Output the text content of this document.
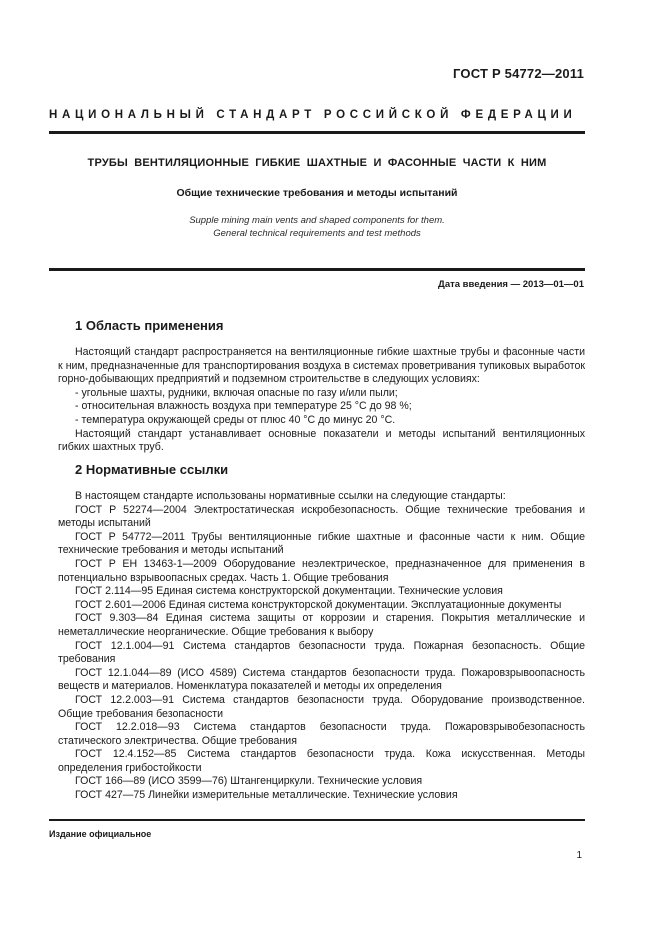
ГОСТ Р 54772—2011
НАЦИОНАЛЬНЫЙ СТАНДАРТ РОССИЙСКОЙ ФЕДЕРАЦИИ
ТРУБЫ ВЕНТИЛЯЦИОННЫЕ ГИБКИЕ ШАХТНЫЕ И ФАСОННЫЕ ЧАСТИ К НИМ
Общие технические требования и методы испытаний
Supple mining main vents and shaped components for them.
General technical requirements and test methods
Дата введения — 2013—01—01
1 Область применения

Настоящий стандарт распространяется на вентиляционные гибкие шахтные трубы и фасонные части к ним, предназначенные для транспортирования воздуха в системах проветривания тупиковых выработок горно-добывающих предприятий и подземном строительстве в следующих условиях:

- угольные шахты, рудники, включая опасные по газу и/или пыли;

- относительная влажность воздуха при температуре 25 °С до 98 %;

- температура окружающей среды от плюс 40 °С до минус 20 °С.

Настоящий стандарт устанавливает основные показатели и методы испытаний вентиляционных гибких шахтных труб.

2 Нормативные ссылки

В настоящем стандарте использованы нормативные ссылки на следующие стандарты:

ГОСТ Р 52274—2004 Электростатическая искробезопасность. Общие технические требования и методы испытаний

ГОСТ Р 54772—2011 Трубы вентиляционные гибкие шахтные и фасонные части к ним. Общие технические требования и методы испытаний

ГОСТ Р ЕН 13463-1—2009 Оборудование неэлектрическое, предназначенное для применения в потенциально взрывоопасных средах. Часть 1. Общие требования

ГОСТ 2.114—95 Единая система конструкторской документации. Технические условия

ГОСТ 2.601—2006 Единая система конструкторской документации. Эксплуатационные документы

ГОСТ 9.303—84 Единая система защиты от коррозии и старения. Покрытия металлические и неметаллические неорганические. Общие требования к выбору

ГОСТ 12.1.004—91 Система стандартов безопасности труда. Пожарная безопасность. Общие требования

ГОСТ 12.1.044—89 (ИСО 4589) Система стандартов безопасности труда. Пожаровзрывоопасность веществ и материалов. Номенклатура показателей и методы их определения

ГОСТ 12.2.003—91 Система стандартов безопасности труда. Оборудование производственное. Общие требования безопасности

ГОСТ 12.2.018—93 Система стандартов безопасности труда. Пожаровзрывобезопасность статического электричества. Общие требования

ГОСТ 12.4.152—85 Система стандартов безопасности труда. Кожа искусственная. Методы определения грибостойкости

ГОСТ 166—89 (ИСО 3599—76) Штангенциркули. Технические условия

ГОСТ 427—75 Линейки измерительные металлические. Технические условия

Издание официальное
1
